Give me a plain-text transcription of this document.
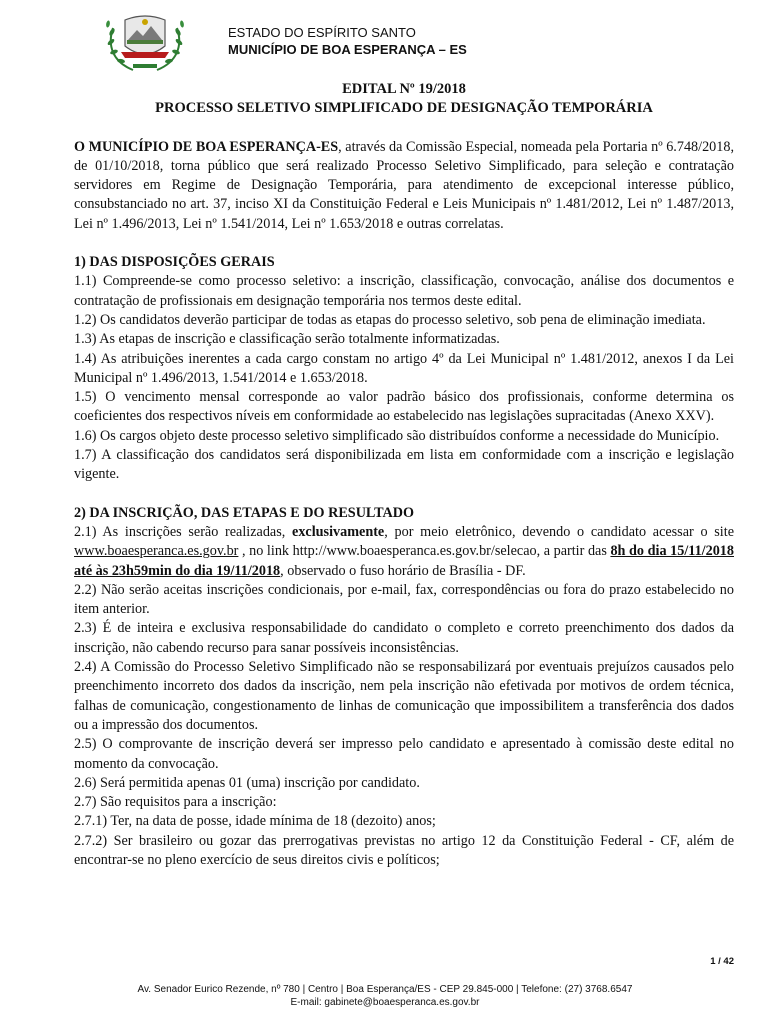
ESTADO DO ESPÍRITO SANTO
MUNICÍPIO DE BOA ESPERANÇA – ES
EDITAL Nº 19/2018
PROCESSO SELETIVO SIMPLIFICADO DE DESIGNAÇÃO TEMPORÁRIA

O MUNICÍPIO DE BOA ESPERANÇA-ES, através da Comissão Especial, nomeada pela Portaria nº 6.748/2018, de 01/10/2018, torna público que será realizado Processo Seletivo Simplificado, para seleção e contratação servidores em Regime de Designação Temporária, para atendimento de excepcional interesse público, consubstanciado no art. 37, inciso XI da Constituição Federal e Leis Municipais nº 1.481/2012, Lei nº 1.487/2013, Lei nº 1.496/2013, Lei nº 1.541/2014, Lei nº 1.653/2018 e outras correlatas.

1) DAS DISPOSIÇÕES GERAIS

1.1) Compreende-se como processo seletivo: a inscrição, classificação, convocação, análise dos documentos e contratação de profissionais em designação temporária nos termos deste edital.

1.2) Os candidatos deverão participar de todas as etapas do processo seletivo, sob pena de eliminação imediata.

1.3) As etapas de inscrição e classificação serão totalmente informatizadas.

1.4) As atribuições inerentes a cada cargo constam no artigo 4º da Lei Municipal nº 1.481/2012, anexos I da Lei Municipal nº 1.496/2013, 1.541/2014 e 1.653/2018.

1.5) O vencimento mensal corresponde ao valor padrão básico dos profissionais, conforme determina os coeficientes dos respectivos níveis em conformidade ao estabelecido nas legislações supracitadas (Anexo XXV).

1.6) Os cargos objeto deste processo seletivo simplificado são distribuídos conforme a necessidade do Município.

1.7) A classificação dos candidatos será disponibilizada em lista em conformidade com a inscrição e legislação vigente.

2) DA INSCRIÇÃO, DAS ETAPAS E DO RESULTADO

2.1) As inscrições serão realizadas, exclusivamente, por meio eletrônico, devendo o candidato acessar o site www.boaesperanca.es.gov.br , no link http://www.boaesperanca.es.gov.br/selecao, a partir das 8h do dia 15/11/2018 até às 23h59min do dia 19/11/2018, observado o fuso horário de Brasília - DF.

2.2) Não serão aceitas inscrições condicionais, por e-mail, fax, correspondências ou fora do prazo estabelecido no item anterior.

2.3) É de inteira e exclusiva responsabilidade do candidato o completo e correto preenchimento dos dados da inscrição, não cabendo recurso para sanar possíveis inconsistências.

2.4) A Comissão do Processo Seletivo Simplificado não se responsabilizará por eventuais prejuízos causados pelo preenchimento incorreto dos dados da inscrição, nem pela inscrição não efetivada por motivos de ordem técnica, falhas de comunicação, congestionamento de linhas de comunicação que impossibilitem a transferência dos dados ou a impressão dos documentos.

2.5) O comprovante de inscrição deverá ser impresso pelo candidato e apresentado à comissão deste edital no momento da convocação.

2.6) Será permitida apenas 01 (uma) inscrição por candidato.

2.7) São requisitos para a inscrição:

2.7.1) Ter, na data de posse, idade mínima de 18 (dezoito) anos;

2.7.2) Ser brasileiro ou gozar das prerrogativas previstas no artigo 12 da Constituição Federal - CF, além de encontrar-se no pleno exercício de seus direitos civis e políticos;

1 / 42
Av. Senador Eurico Rezende, nº 780 | Centro | Boa Esperança/ES - CEP 29.845-000 | Telefone: (27) 3768.6547
E-mail: gabinete@boaesperanca.es.gov.br
